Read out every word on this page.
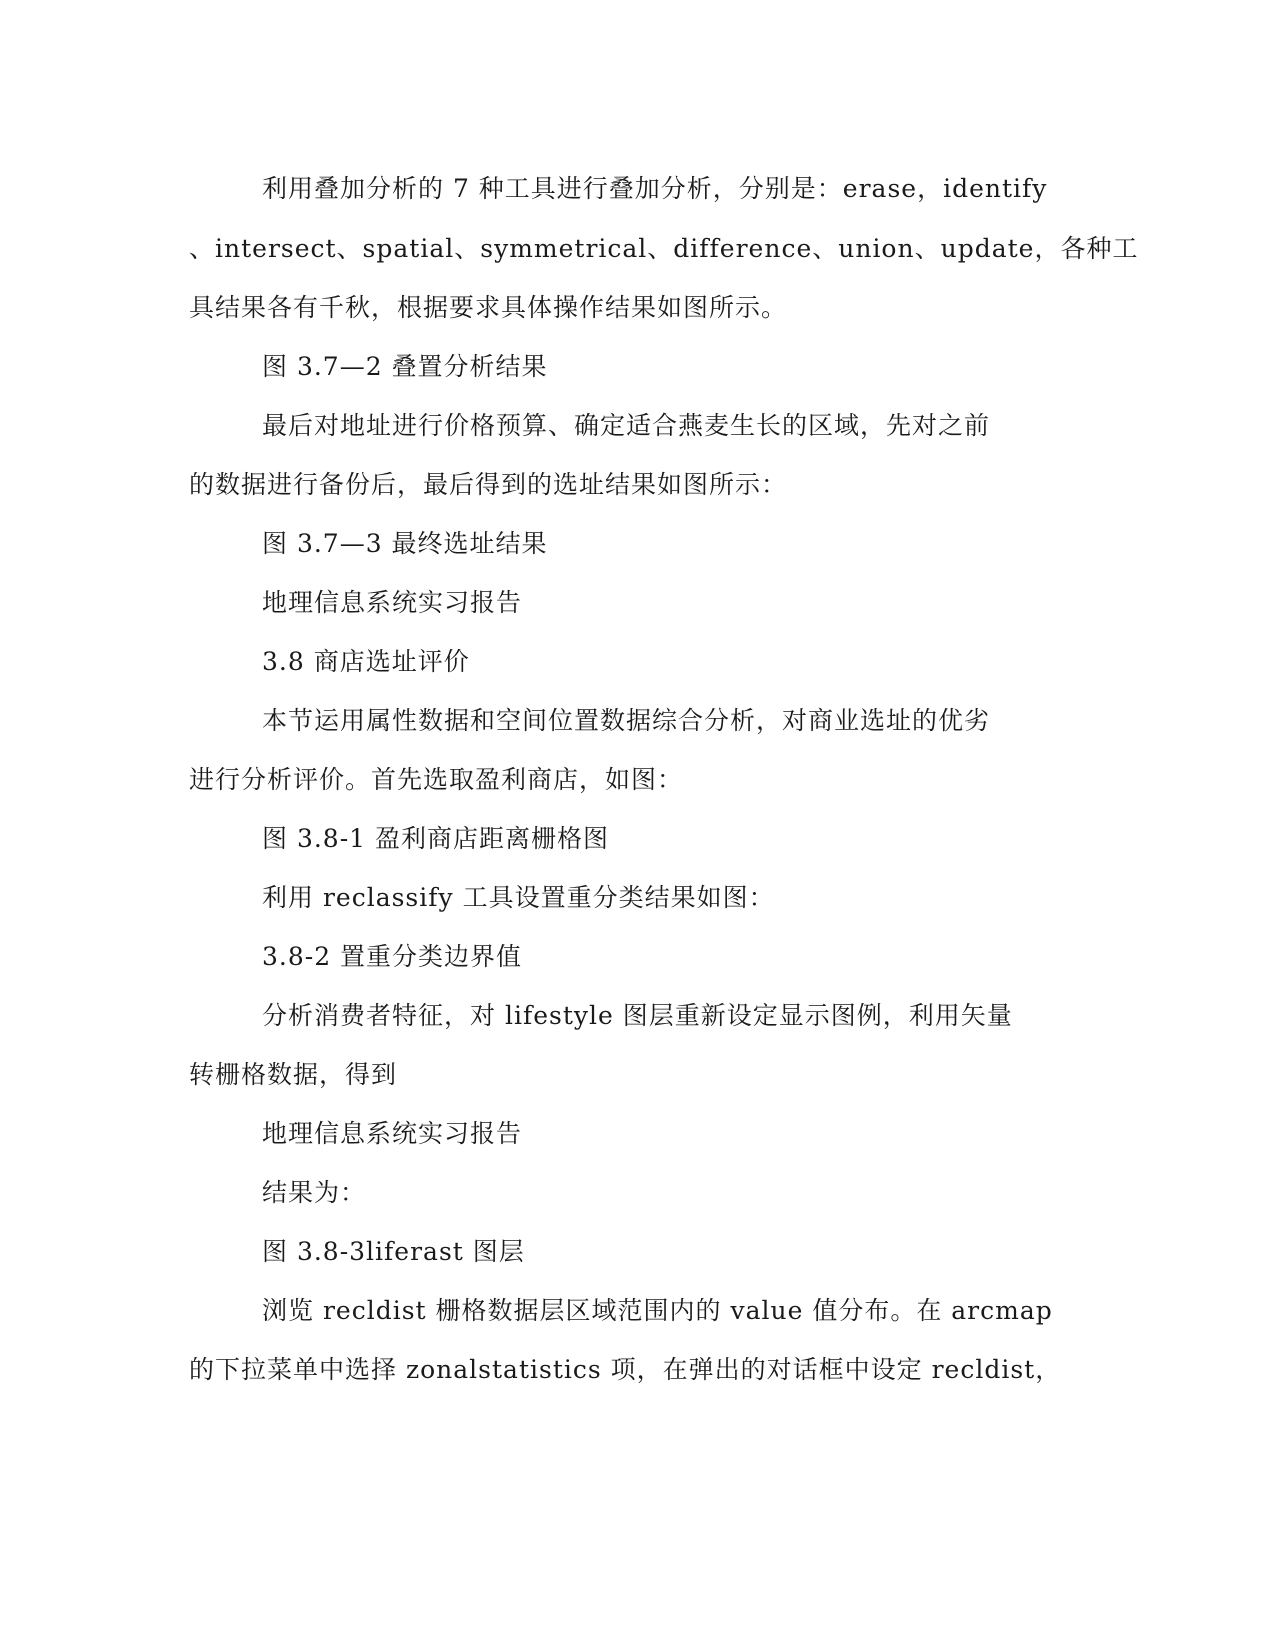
利用叠加分析的 7 种工具进行叠加分析，分别是：erase，identify
、intersect、spatial、symmetrical、difference、union、update，各种工
具结果各有千秋，根据要求具体操作结果如图所示。
图 3.7—2 叠置分析结果
最后对地址进行价格预算、确定适合燕麦生长的区域，先对之前
的数据进行备份后，最后得到的选址结果如图所示：
图 3.7—3 最终选址结果
地理信息系统实习报告
3.8 商店选址评价
本节运用属性数据和空间位置数据综合分析，对商业选址的优劣
进行分析评价。首先选取盈利商店，如图：
图 3.8-1 盈利商店距离栅格图
利用 reclassify 工具设置重分类结果如图：
3.8-2 置重分类边界值
分析消费者特征，对 lifestyle 图层重新设定显示图例，利用矢量
转栅格数据，得到
地理信息系统实习报告
结果为：
图 3.8-3liferast 图层
浏览 recldist 栅格数据层区域范围内的 value 值分布。在 arcmap
的下拉菜单中选择 zonalstatistics 项，在弹出的对话框中设定 recldist，
